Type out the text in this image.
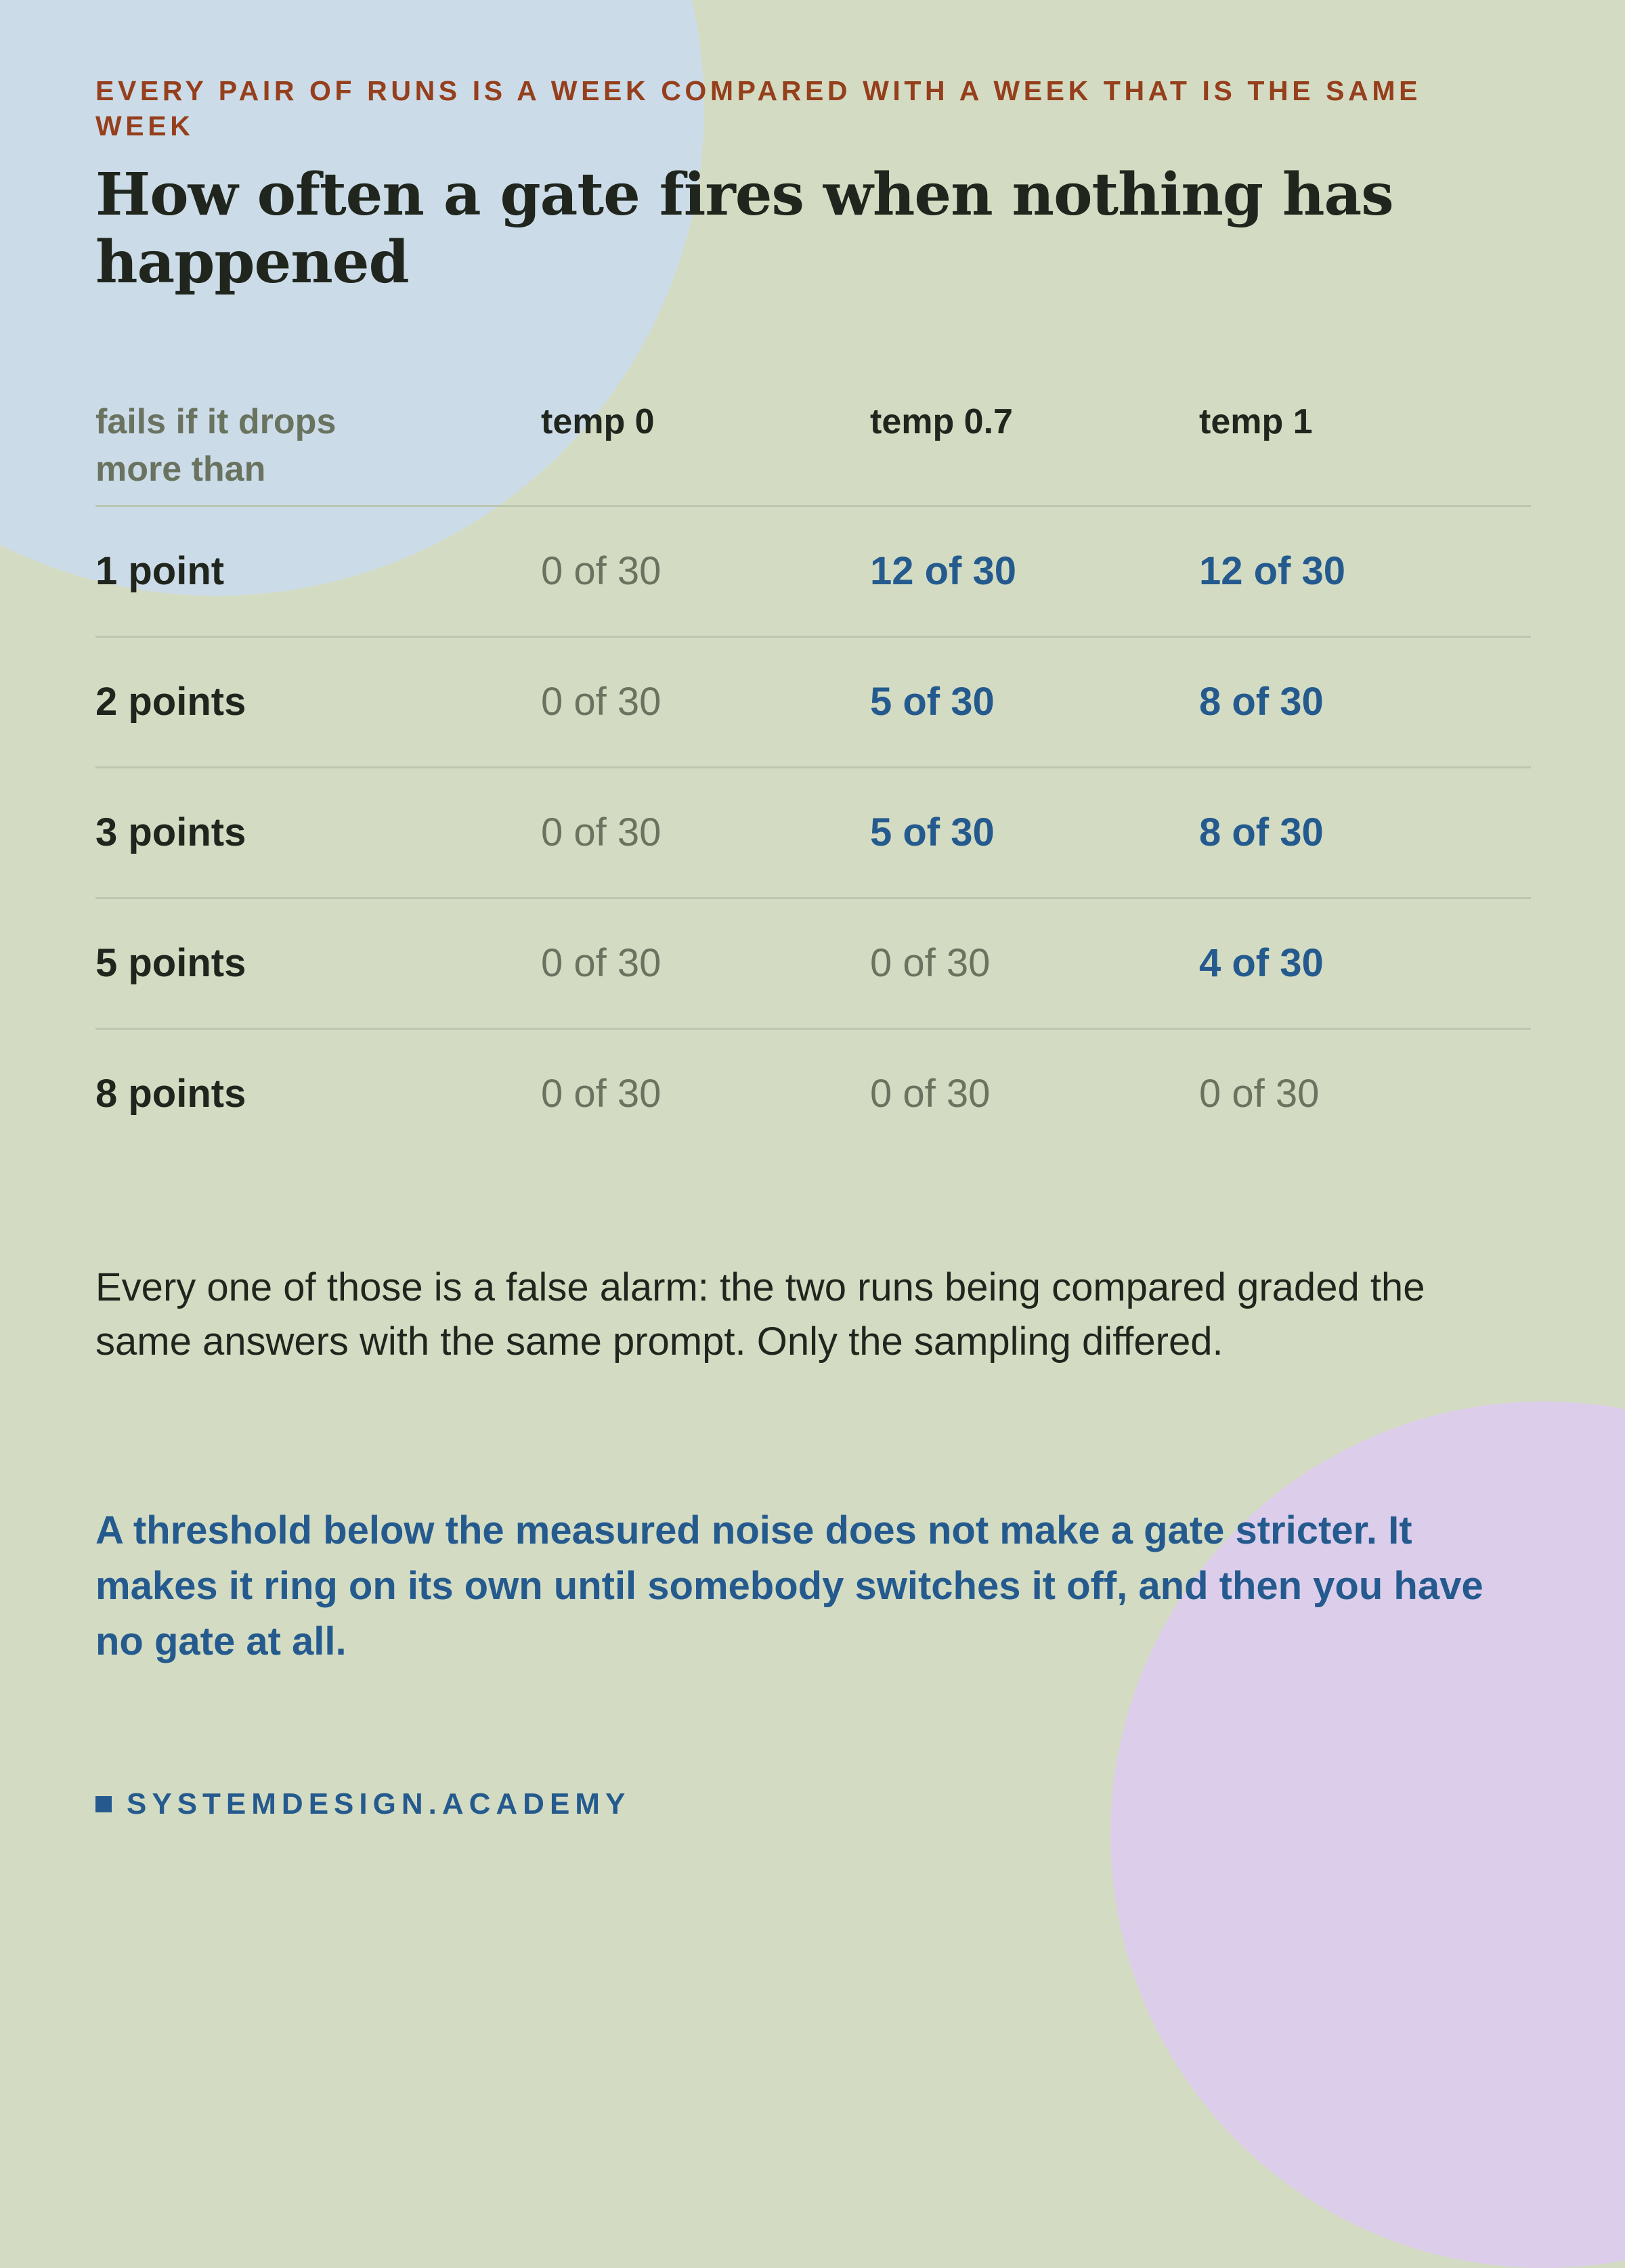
EVERY PAIR OF RUNS IS A WEEK COMPARED WITH A WEEK THAT IS THE SAME WEEK
How often a gate fires when nothing has happened
fails if it drops more than
temp 0	temp 0.7	temp 1
1 point	0 of 30	12 of 30	12 of 30
2 points	0 of 30	5 of 30	8 of 30
3 points	0 of 30	5 of 30	8 of 30
5 points	0 of 30	0 of 30	4 of 30
8 points	0 of 30	0 of 30	0 of 30

Every one of those is a false alarm: the two runs being compared graded the same answers with the same prompt. Only the sampling differed.

A threshold below the measured noise does not make a gate stricter. It makes it ring on its own until somebody switches it off, and then you have no gate at all.

SYSTEMDESIGN.ACADEMY
